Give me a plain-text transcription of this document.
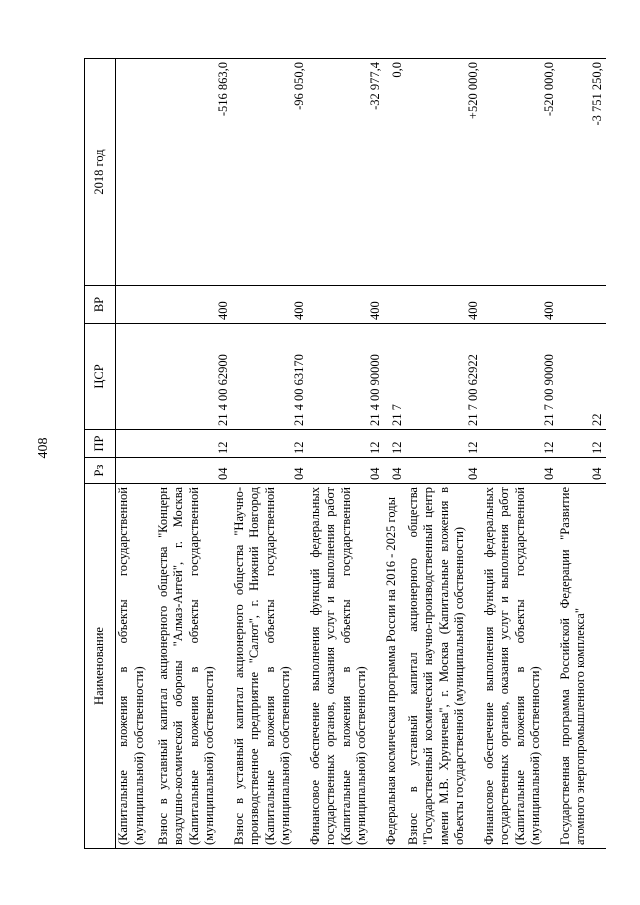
408
Наименование	Рз	ПР	ЦСР	ВР	2018 год
(Капитальные вложения в объекты государственной (муниципальной) собственности)					
Взнос в уставный капитал акционерного общества "Концерн воздушно-космической обороны "Алмаз-Антей", г. Москва (Капитальные вложения в объекты государственной (муниципальной) собственности)	04	12	21 4 00 62900	400	-516 863,0
Взнос в уставный капитал акционерного общества "Научно-производственное предприятие "Салют", г. Нижний Новгород (Капитальные вложения в объекты государственной (муниципальной) собственности)	04	12	21 4 00 63170	400	-96 050,0
Финансовое обеспечение выполнения функций федеральных государственных органов, оказания услуг и выполнения работ (Капитальные вложения в объекты государственной (муниципальной) собственности)	04	12	21 4 00 90000	400	-32 977,4
Федеральная космическая программа России на 2016 - 2025 годы	04	12	21 7		0,0
Взнос в уставный капитал акционерного общества "Государственный космический научно-производственный центр имени М.В. Хруничева", г. Москва (Капитальные вложения в объекты государственной (муниципальной) собственности)	04	12	21 7 00 62922	400	+520 000,0
Финансовое обеспечение выполнения функций федеральных государственных органов, оказания услуг и выполнения работ (Капитальные вложения в объекты государственной (муниципальной) собственности)	04	12	21 7 00 90000	400	-520 000,0
Государственная программа Российской Федерации "Развитие атомного энергопромышленного комплекса"	04	12	22		-3 751 250,0
